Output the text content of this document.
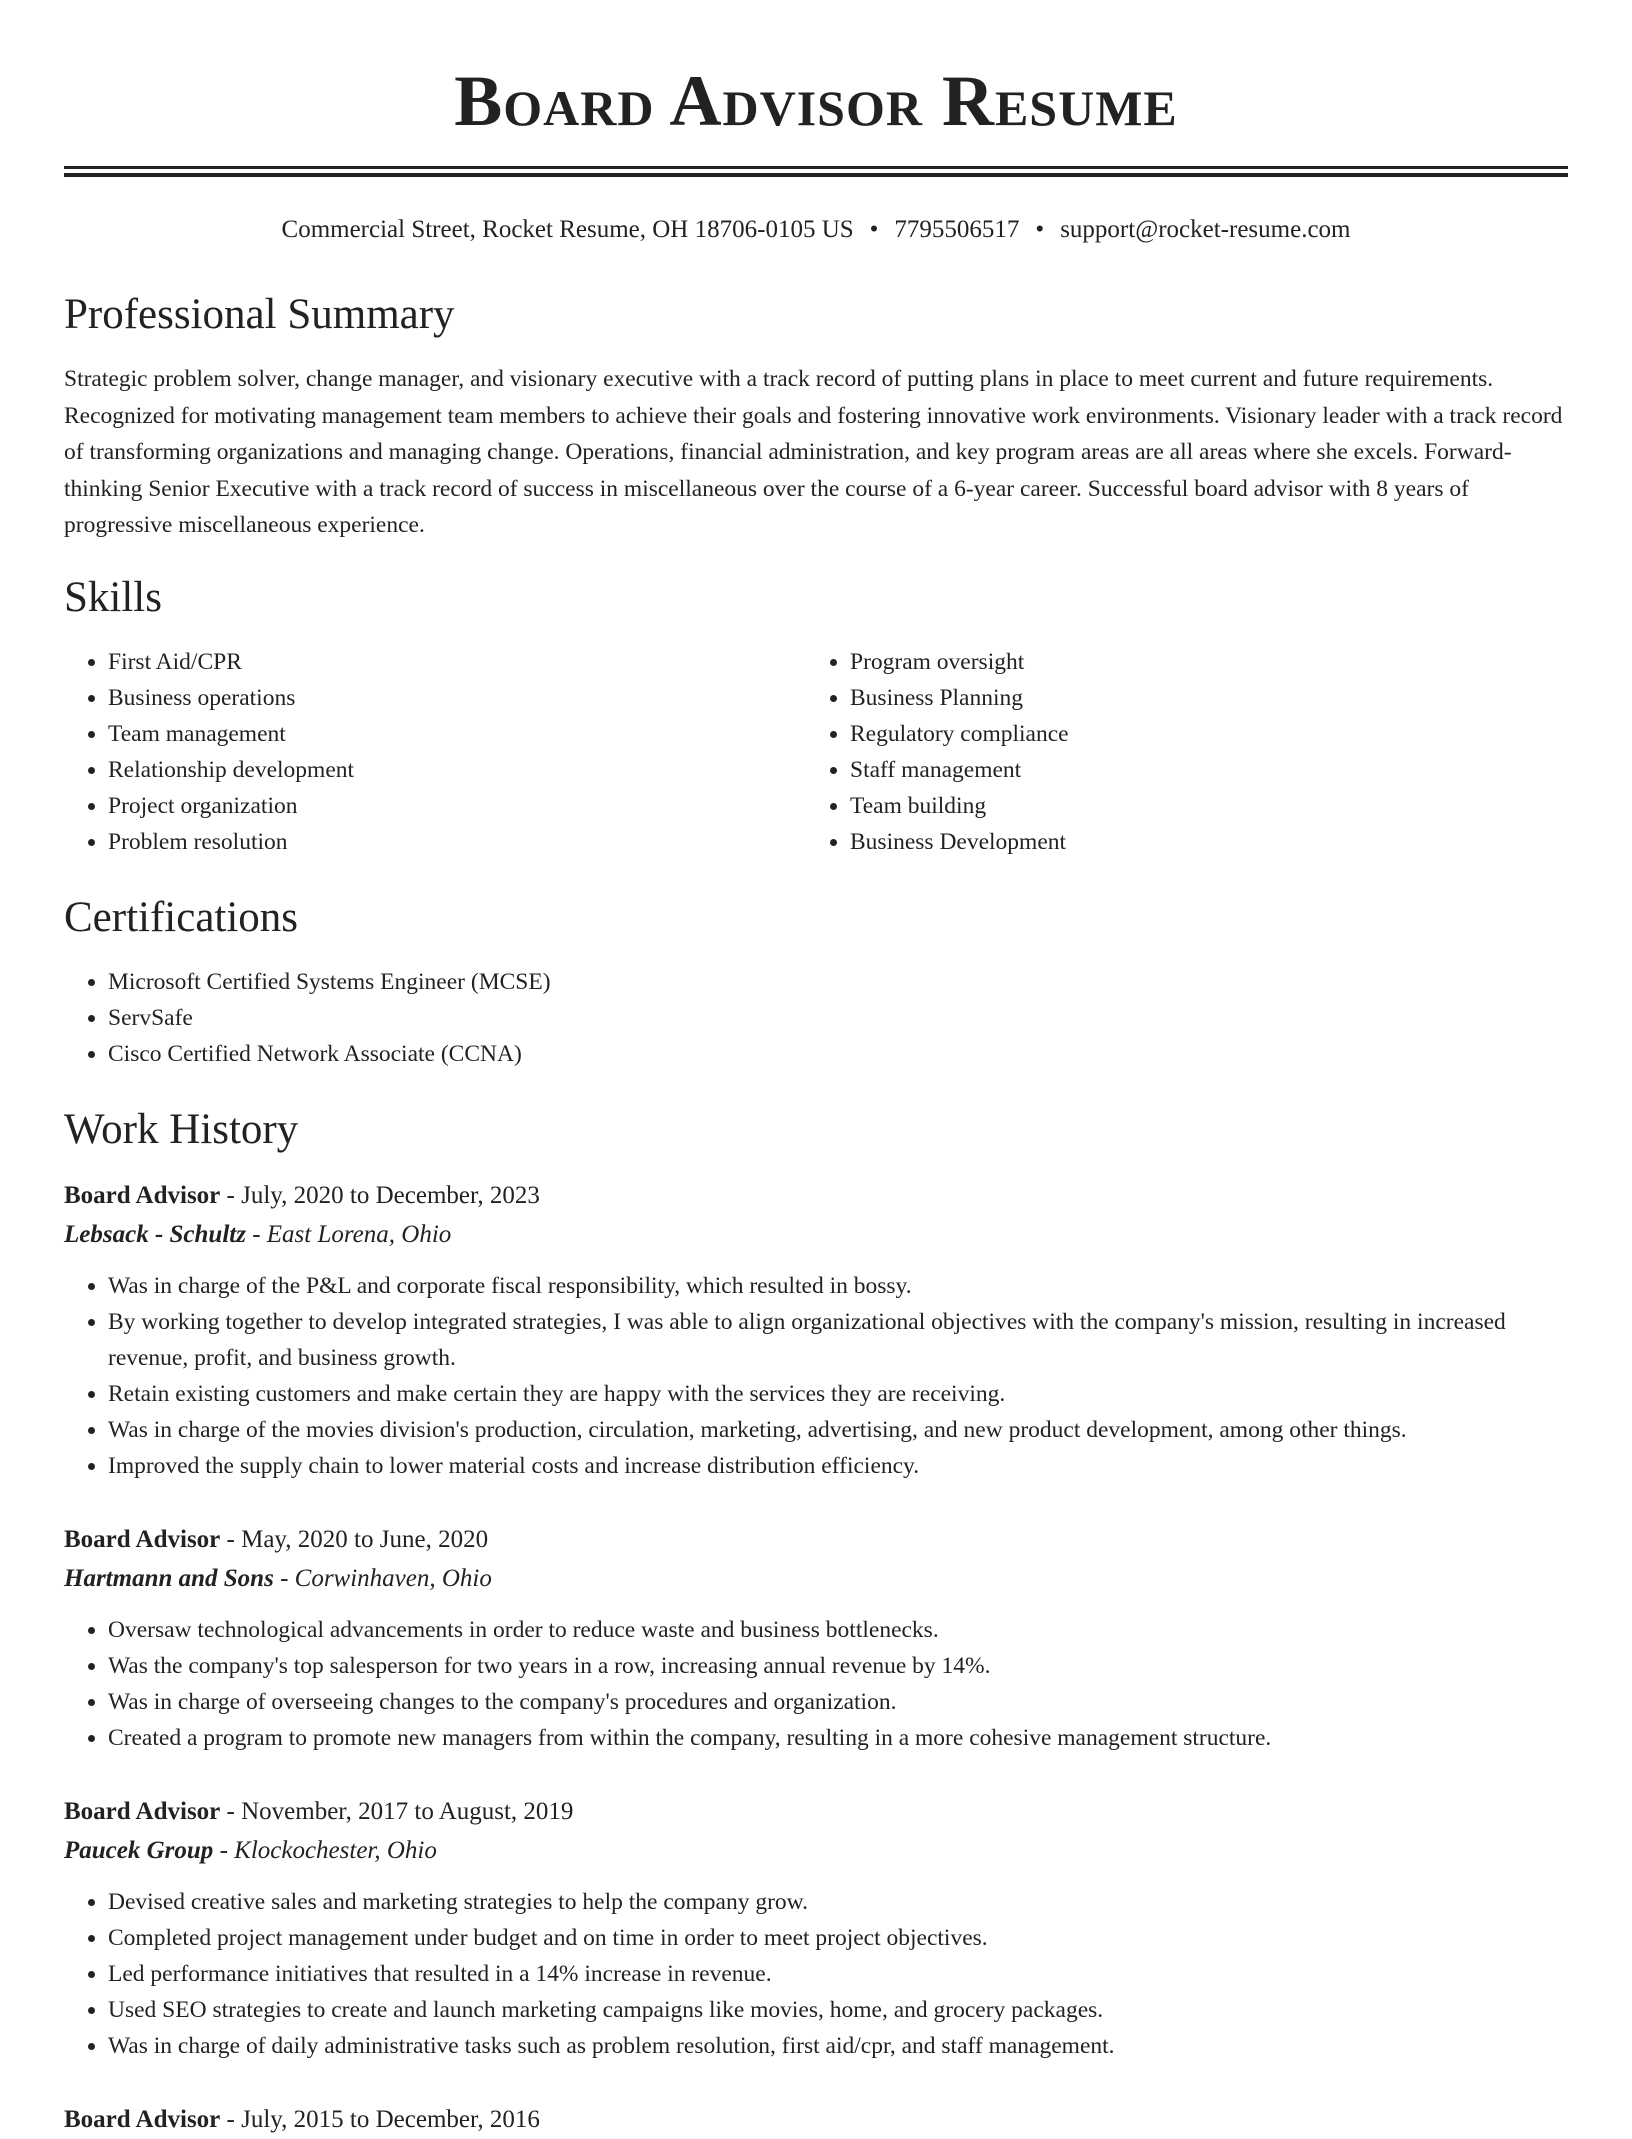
Board Advisor Resume
Commercial Street, Rocket Resume, OH 18706-0105 US • 7795506517 • support@rocket-resume.com
Professional Summary

Strategic problem solver, change manager, and visionary executive with a track record of putting plans in place to meet current and future requirements. Recognized for motivating management team members to achieve their goals and fostering innovative work environments. Visionary leader with a track record of transforming organizations and managing change. Operations, financial administration, and key program areas are all areas where she excels. Forward-thinking Senior Executive with a track record of success in miscellaneous over the course of a 6-year career. Successful board advisor with 8 years of progressive miscellaneous experience.

Skills
• First Aid/CPR
• Business operations
• Team management
• Relationship development
• Project organization
• Problem resolution
• Program oversight
• Business Planning
• Regulatory compliance
• Staff management
• Team building
• Business Development
Certifications
• Microsoft Certified Systems Engineer (MCSE)
• ServSafe
• Cisco Certified Network Associate (CCNA)
Work History
Board Advisor - July, 2020 to December, 2023
Lebsack - Schultz - East Lorena, Ohio
• Was in charge of the P&L and corporate fiscal responsibility, which resulted in bossy.
• By working together to develop integrated strategies, I was able to align organizational objectives with the company's mission, resulting in increased revenue, profit, and business growth.
• Retain existing customers and make certain they are happy with the services they are receiving.
• Was in charge of the movies division's production, circulation, marketing, advertising, and new product development, among other things.
• Improved the supply chain to lower material costs and increase distribution efficiency.
Board Advisor - May, 2020 to June, 2020
Hartmann and Sons - Corwinhaven, Ohio
• Oversaw technological advancements in order to reduce waste and business bottlenecks.
• Was the company's top salesperson for two years in a row, increasing annual revenue by 14%.
• Was in charge of overseeing changes to the company's procedures and organization.
• Created a program to promote new managers from within the company, resulting in a more cohesive management structure.
Board Advisor - November, 2017 to August, 2019
Paucek Group - Klockochester, Ohio
• Devised creative sales and marketing strategies to help the company grow.
• Completed project management under budget and on time in order to meet project objectives.
• Led performance initiatives that resulted in a 14% increase in revenue.
• Used SEO strategies to create and launch marketing campaigns like movies, home, and grocery packages.
• Was in charge of daily administrative tasks such as problem resolution, first aid/cpr, and staff management.
Board Advisor - July, 2015 to December, 2016
